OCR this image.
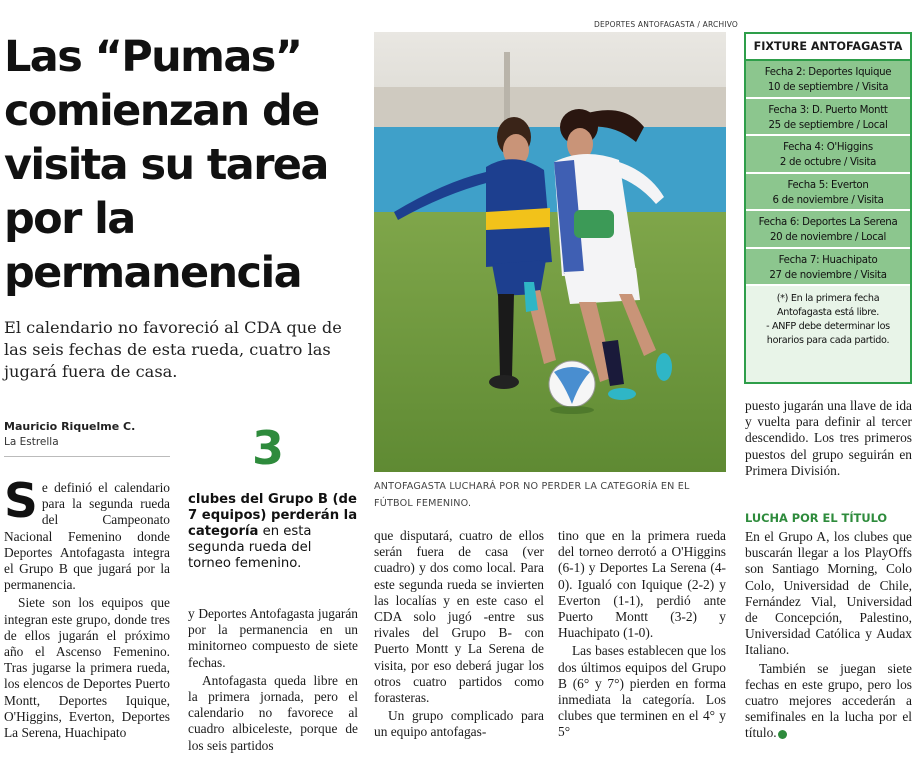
Las “Pumas”
comienzan de
visita su tarea
por la
permanencia
El calendario no favoreció al CDA que de las seis fechas de esta rueda, cuatro las jugará fuera de casa.
Mauricio Riquelme C.
La Estrella

Se definió el calendario para la segunda rueda del Campeonato Nacional Femenino donde Deportes Antofagasta integra el Grupo B que jugará por la permanencia.

Siete son los equipos que integran este grupo, donde tres de ellos jugarán el próximo año el Ascenso Femenino. Tras jugarse la primera rueda, los elencos de Deportes Puerto Montt, Deportes Iquique, O'Higgins, Everton, Deportes La Serena, Huachipato

3
clubes del Grupo B (de 7 equipos) perderán la categoría en esta segunda rueda del torneo femenino.

y Deportes Antofagasta jugarán por la permanencia en un minitorneo compuesto de siete fechas.

Antofagasta queda libre en la primera jornada, pero el calendario no favorece al cuadro albiceleste, porque de los seis partidos

DEPORTES ANTOFAGASTA / ARCHIVO
ANTOFAGASTA LUCHARÁ POR NO PERDER LA CATEGORÍA EN EL FÚTBOL FEMENINO.

que disputará, cuatro de ellos serán fuera de casa (ver cuadro) y dos como local. Para este segunda rueda se invierten las localías y en este caso el CDA solo jugó -entre sus rivales del Grupo B- con Puerto Montt y La Serena de visita, por eso deberá jugar los otros cuatro partidos como forasteras.

Un grupo complicado para un equipo antofagas-

tino que en la primera rueda del torneo derrotó a O'Higgins (6-1) y Deportes La Serena (4-0). Igualó con Iquique (2-2) y Everton (1-1), perdió ante Puerto Montt (3-2) y Huachipato (1-0).

Las bases establecen que los dos últimos equipos del Grupo B (6° y 7°) pierden en forma inmediata la categoría. Los clubes que terminen en el 4° y 5°

FIXTURE ANTOFAGASTA
Fecha 2: Deportes Iquique
10 de septiembre / Visita
Fecha 3: D. Puerto Montt
25 de septiembre / Local
Fecha 4: O'Higgins
2 de octubre / Visita
Fecha 5: Everton
6 de noviembre / Visita
Fecha 6: Deportes La Serena
20 de noviembre / Local
Fecha 7: Huachipato
27 de noviembre / Visita
(*) En la primera fecha Antofagasta está libre.
- ANFP debe determinar los horarios para cada partido.

puesto jugarán una llave de ida y vuelta para definir al tercer descendido. Los tres primeros puestos del grupo seguirán en Primera División.

LUCHA POR EL TÍTULO

En el Grupo A, los clubes que buscarán llegar a los PlayOffs son Santiago Morning, Colo Colo, Universidad de Chile, Fernández Vial, Universidad de Concepción, Palestino, Universidad Católica y Audax Italiano.

También se juegan siete fechas en este grupo, pero los cuatro mejores accederán a semifinales en la lucha por el título.
